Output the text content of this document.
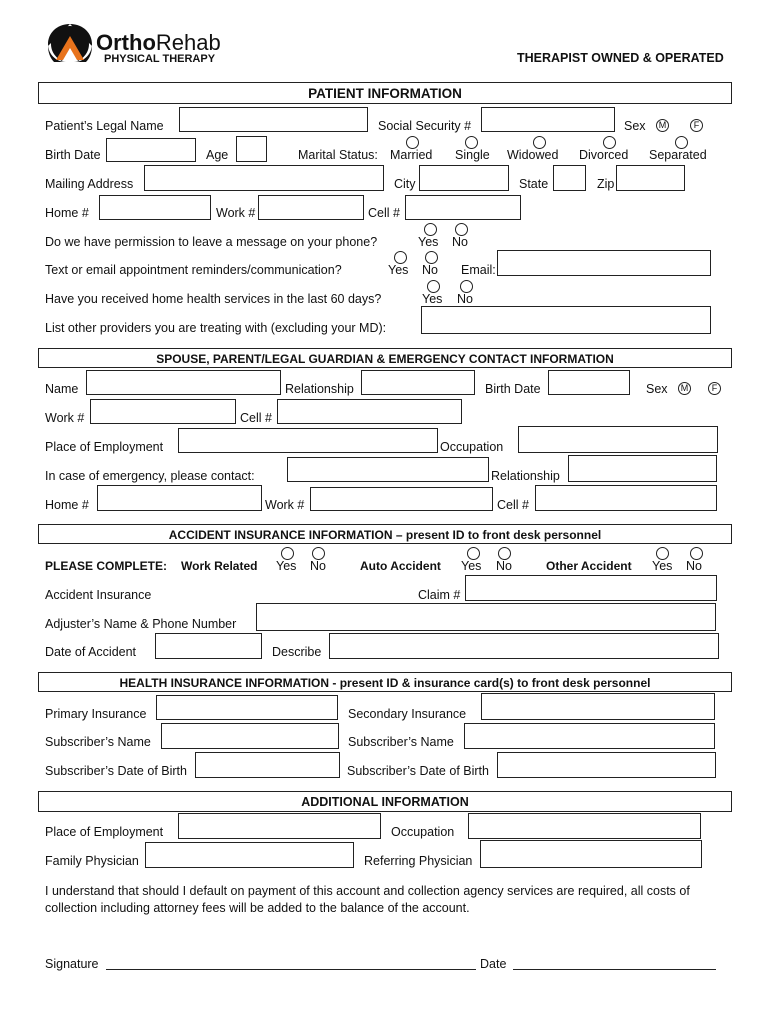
OrthoRehab
PHYSICAL THERAPY	THERAPIST OWNED & OPERATED
PATIENT INFORMATION
Patient’s Legal Name	Social Security #	Sex	M	F
Birth Date	Age	Marital Status: Married Single Widowed Divorced Separated
Mailing Address	City	State	Zip
Home #	Work #	Cell #
Do we have permission to leave a message on your phone?	Yes No
Text or email appointment reminders/communication?	Yes No Email:
Have you received home health services in the last 60 days?	Yes No
List other providers you are treating with (excluding your MD):
SPOUSE, PARENT/LEGAL GUARDIAN & EMERGENCY CONTACT INFORMATION
Name	Relationship	Birth Date	Sex	M	F
Work #	Cell #
Place of Employment	Occupation
In case of emergency, please contact:	Relationship
Home #	Work #	Cell #
ACCIDENT INSURANCE INFORMATION – present ID to front desk personnel
PLEASE COMPLETE: Work Related Yes No	Auto Accident Yes No	Other Accident Yes No
Accident Insurance	Claim #
Adjuster’s Name & Phone Number
Date of Accident	Describe
HEALTH INSURANCE INFORMATION - present ID & insurance card(s) to front desk personnel
Primary Insurance	Secondary Insurance
Subscriber’s Name	Subscriber’s Name
Subscriber’s Date of Birth	Subscriber’s Date of Birth
ADDITIONAL INFORMATION
Place of Employment	Occupation
Family Physician	Referring Physician
I understand that should I default on payment of this account and collection agency services are required, all costs of collection including attorney fees will be added to the balance of the account.
Signature	Date
